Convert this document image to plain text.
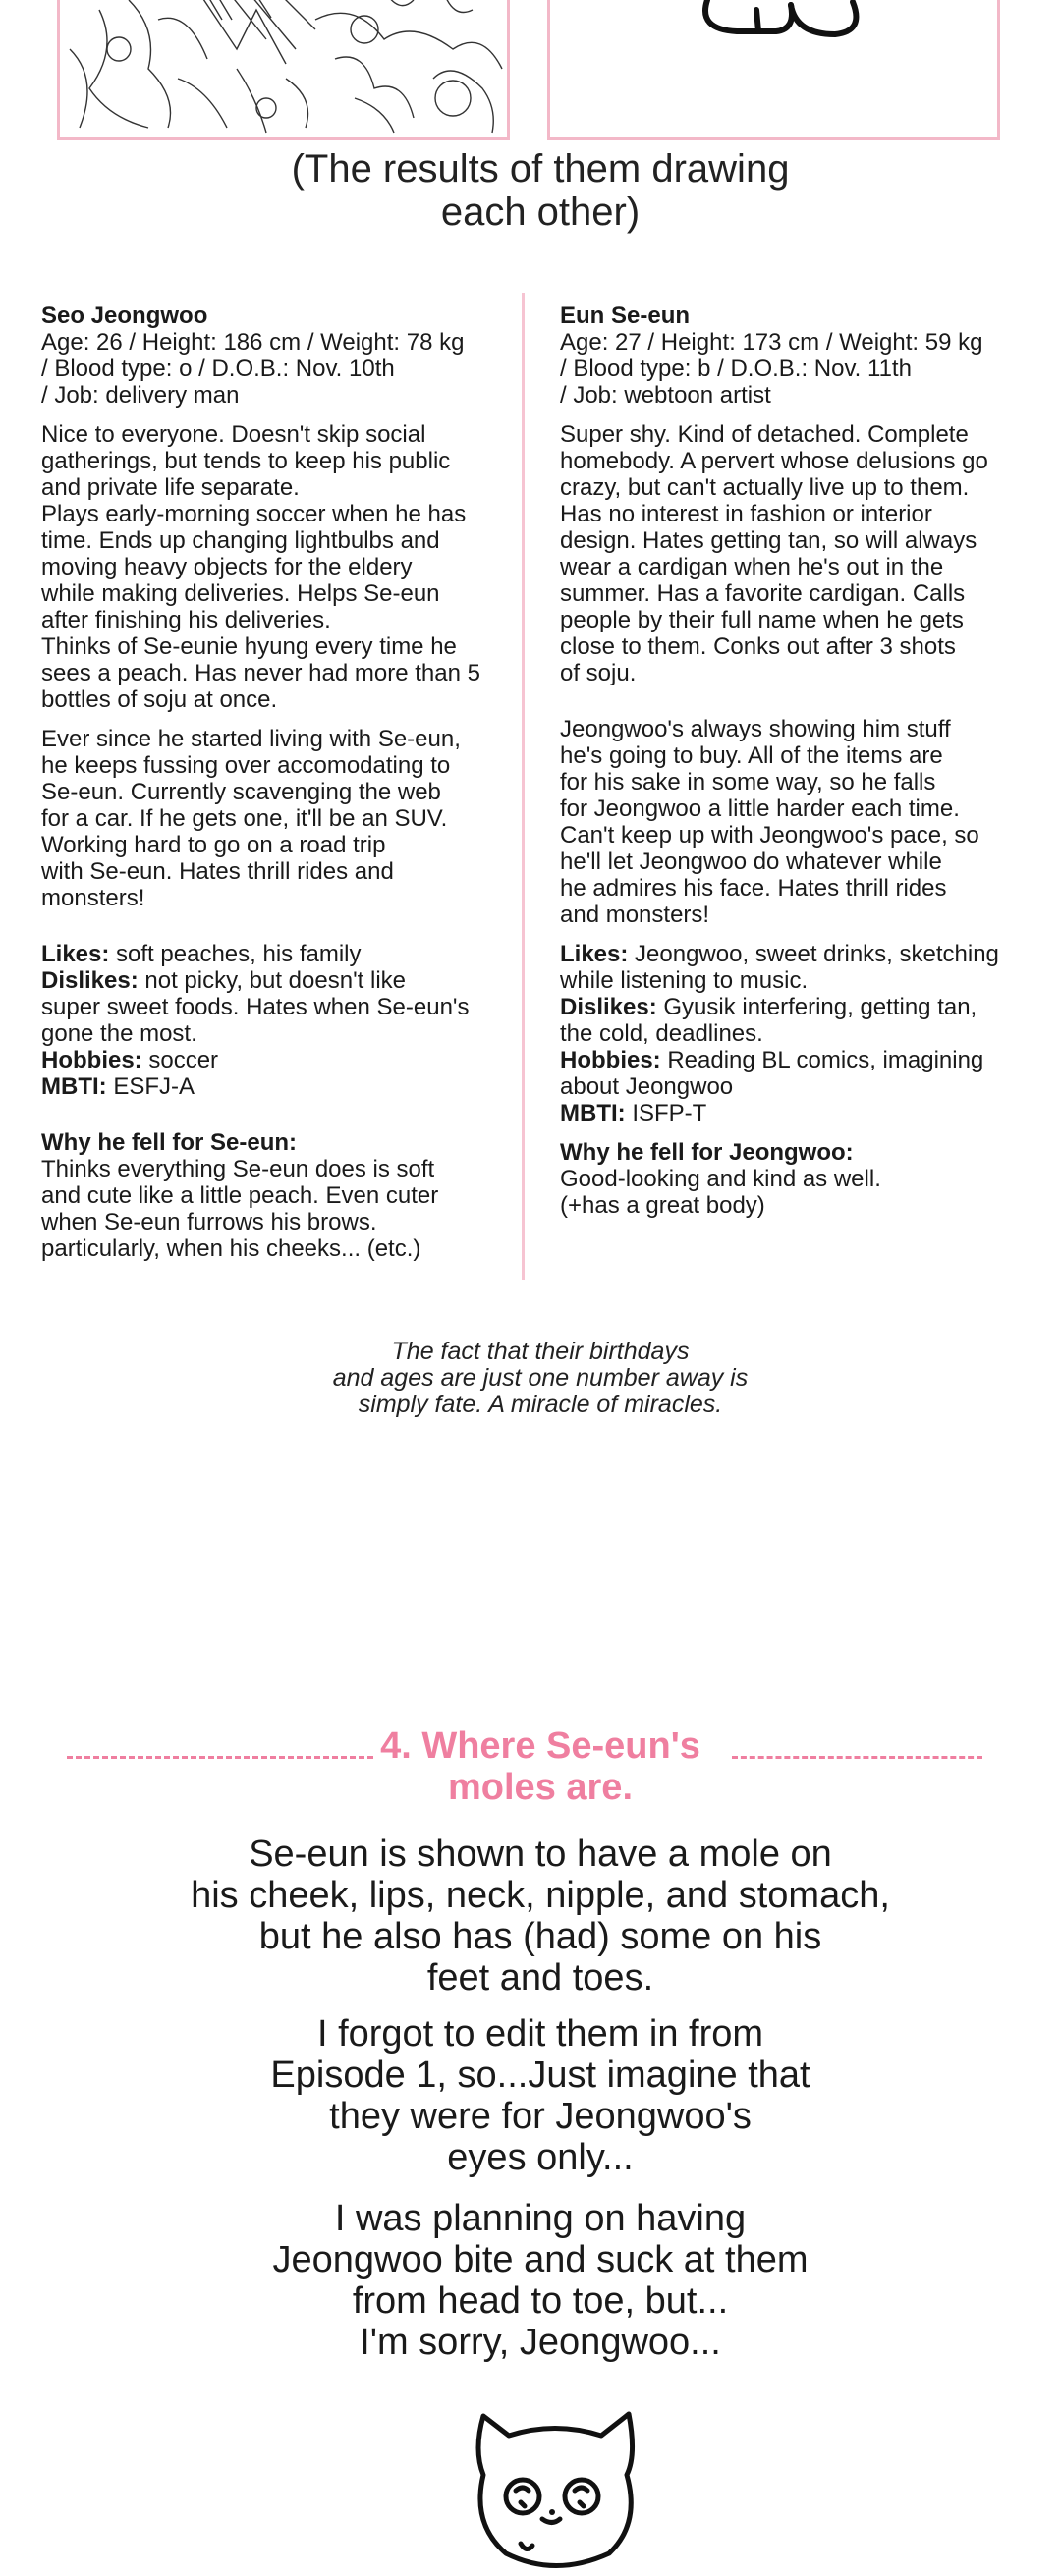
(The results of them drawing
each other)

Seo Jeongwoo

Age: 26 / Height: 186 cm / Weight: 78 kg

/ Blood type: o / D.O.B.: Nov. 10th

/ Job: delivery man

Nice to everyone. Doesn't skip social

gatherings, but tends to keep his public

and private life separate.

Plays early-morning soccer when he has

time. Ends up changing lightbulbs and

moving heavy objects for the eldery

while making deliveries. Helps Se-eun

after finishing his deliveries.

Thinks of Se-eunie hyung every time he

sees a peach. Has never had more than 5

bottles of soju at once.

Ever since he started living with Se-eun,

he keeps fussing over accomodating to

Se-eun. Currently scavenging the web

for a car. If he gets one, it'll be an SUV.

Working hard to go on a road trip

with Se-eun. Hates thrill rides and

monsters!

Likes: soft peaches, his family

Dislikes: not picky, but doesn't like

super sweet foods. Hates when Se-eun's

gone the most.

Hobbies: soccer

MBTI: ESFJ-A

Why he fell for Se-eun:

Thinks everything Se-eun does is soft

and cute like a little peach. Even cuter

when Se-eun furrows his brows.

particularly, when his cheeks... (etc.)

Eun Se-eun

Age: 27 / Height: 173 cm / Weight: 59 kg

/ Blood type: b / D.O.B.: Nov. 11th

/ Job: webtoon artist

Super shy. Kind of detached. Complete

homebody. A pervert whose delusions go

crazy, but can't actually live up to them.

Has no interest in fashion or interior

design. Hates getting tan, so will always

wear a cardigan when he's out in the

summer. Has a favorite cardigan. Calls

people by their full name when he gets

close to them. Conks out after 3 shots

of soju.

Jeongwoo's always showing him stuff

he's going to buy. All of the items are

for his sake in some way, so he falls

for Jeongwoo a little harder each time.

Can't keep up with Jeongwoo's pace, so

he'll let Jeongwoo do whatever while

he admires his face. Hates thrill rides

and monsters!

Likes: Jeongwoo, sweet drinks, sketching

while listening to music.

Dislikes: Gyusik interfering, getting tan,

the cold, deadlines.

Hobbies: Reading BL comics, imagining

about Jeongwoo

MBTI: ISFP-T

Why he fell for Jeongwoo:

Good-looking and kind as well.

(+has a great body)

The fact that their birthdays
and ages are just one number away is
simply fate. A miracle of miracles.
4. Where Se-eun's
moles are.
Se-eun is shown to have a mole on
his cheek, lips, neck, nipple, and stomach,
but he also has (had) some on his
feet and toes.
I forgot to edit them in from
Episode 1, so...Just imagine that
they were for Jeongwoo's
eyes only...
I was planning on having
Jeongwoo bite and suck at them
from head to toe, but...
I'm sorry, Jeongwoo...
